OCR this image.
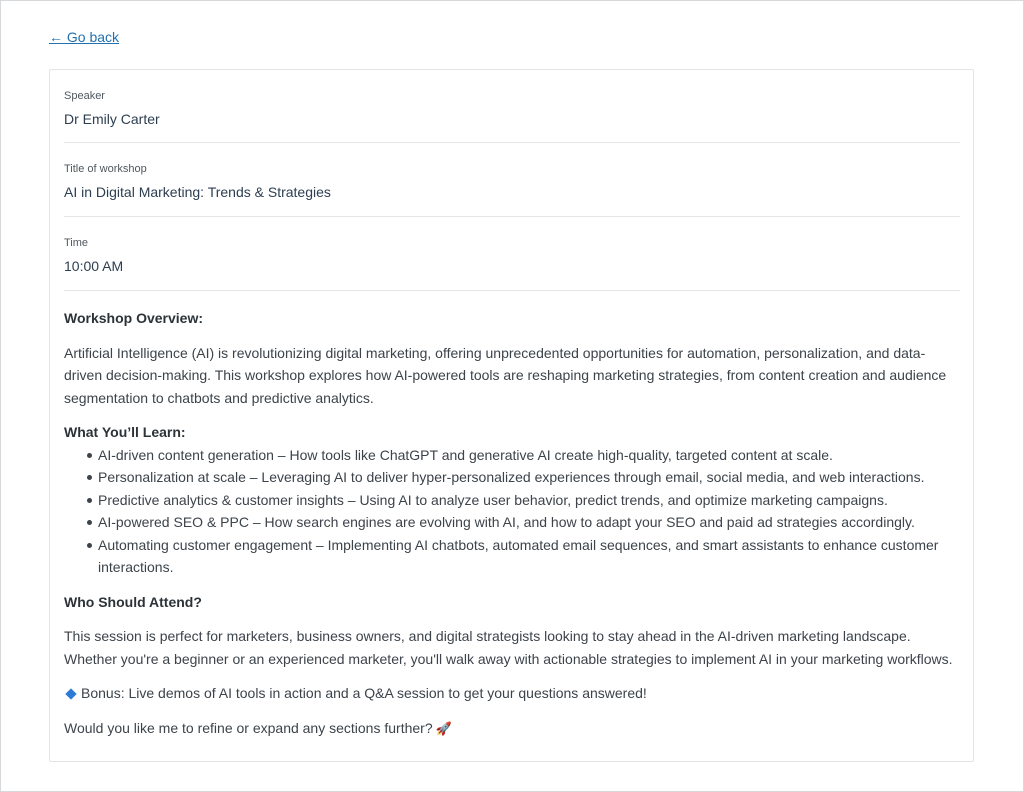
← Go back
Speaker
Dr Emily Carter
Title of workshop
AI in Digital Marketing: Trends & Strategies
Time
10:00 AM

Workshop Overview:

Artificial Intelligence (AI) is revolutionizing digital marketing, offering unprecedented opportunities for automation, personalization, and data-driven decision-making. This workshop explores how AI-powered tools are reshaping marketing strategies, from content creation and audience segmentation to chatbots and predictive analytics.

What You’ll Learn:

AI-driven content generation – How tools like ChatGPT and generative AI create high-quality, targeted content at scale.
Personalization at scale – Leveraging AI to deliver hyper-personalized experiences through email, social media, and web interactions.
Predictive analytics & customer insights – Using AI to analyze user behavior, predict trends, and optimize marketing campaigns.
AI-powered SEO & PPC – How search engines are evolving with AI, and how to adapt your SEO and paid ad strategies accordingly.
Automating customer engagement – Implementing AI chatbots, automated email sequences, and smart assistants to enhance customer interactions.

Who Should Attend?

This session is perfect for marketers, business owners, and digital strategists looking to stay ahead in the AI-driven marketing landscape. Whether you're a beginner or an experienced marketer, you'll walk away with actionable strategies to implement AI in your marketing workflows.

Bonus: Live demos of AI tools in action and a Q&A session to get your questions answered!

Would you like me to refine or expand any sections further? 🚀
